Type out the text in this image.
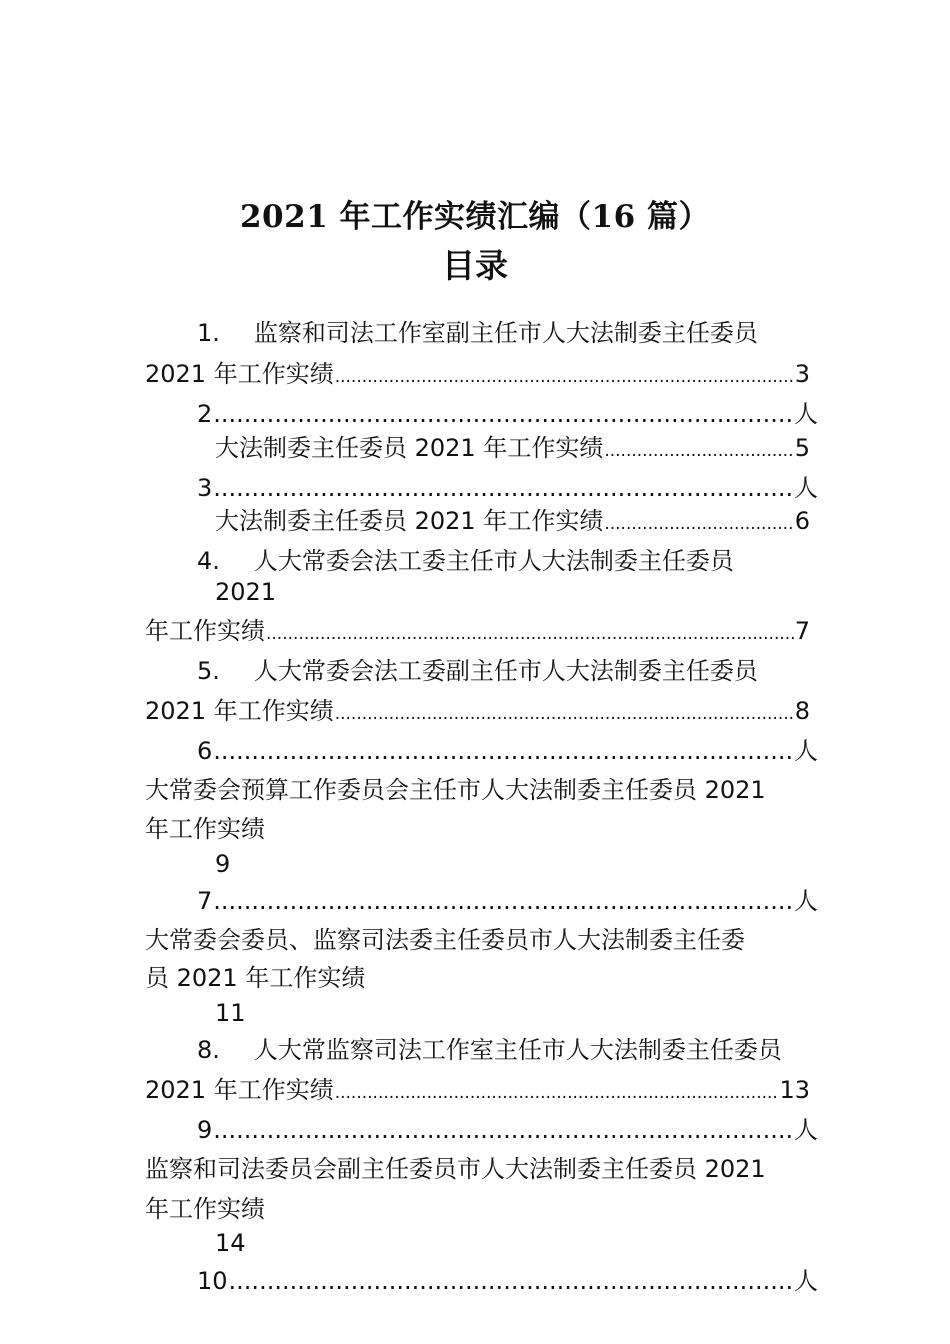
2021 年工作实绩汇编（16 篇）
目录
1. 监察和司法工作室副主任市人大法制委主任委员
2021 年工作实绩 .....	3
2 .....	人
大法制委主任委员 2021 年工作实绩 .....	5
3 .....	人
大法制委主任委员 2021 年工作实绩 .....	6
4. 人大常委会法工委主任市人大法制委主任委员
2021
年工作实绩 .....	7
5. 人大常委会法工委副主任市人大法制委主任委员
2021 年工作实绩 .....	8
6 .....	人
大常委会预算工作委员会主任市人大法制委主任委员 2021
年工作实绩
9
7 .....	人
大常委会委员、监察司法委主任委员市人大法制委主任委
员 2021 年工作实绩
11
8. 人大常监察司法工作室主任市人大法制委主任委员
2021 年工作实绩 .....	13
9 .....	人
监察和司法委员会副主任委员市人大法制委主任委员 2021
年工作实绩
14
10 .....	人
